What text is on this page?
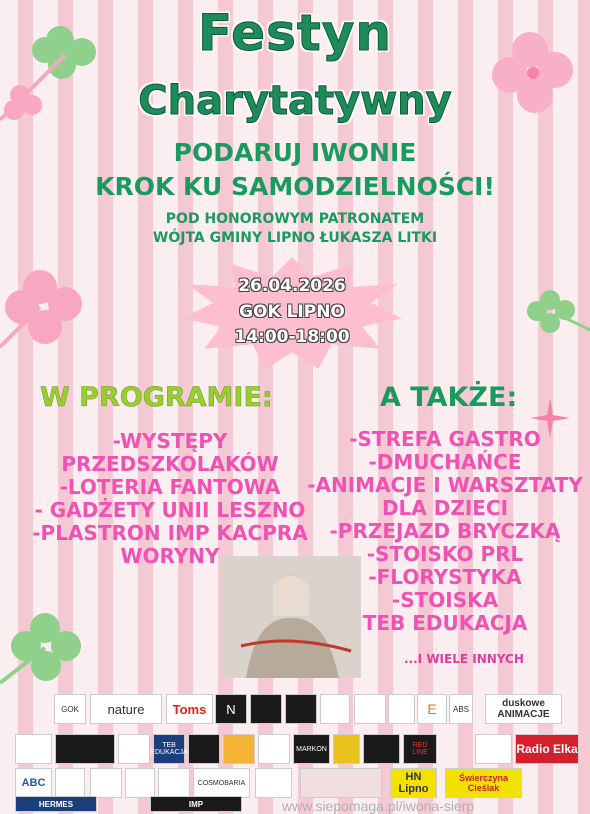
Festyn
Charytatywny
PODARUJ IWONIE
KROK KU SAMODZIELNOŚCI!
POD HONOROWYM PATRONATEM
WÓJTA GMINY LIPNO ŁUKASZA LITKI
26.04.2026
GOK LIPNO
14:00-18:00
W PROGRAMIE:	A TAKŻE:

-WYSTĘPY

PRZEDSZKOLAKÓW

-LOTERIA FANTOWA

- GADŻETY UNII LESZNO

-PLASTRON IMP KACPRA

WORYNY

-STREFA GASTRO

-DMUCHAŃCE

-ANIMACJE I WARSZTATY

DLA DZIECI

-PRZEJAZD BRYCZKĄ

-STOISKO PRL

-FLORYSTYKA

-STOISKA

TEB EDUKACJA

...I WIELE INNYCH
GOK	nature	Toms	N	E	ABS	duskowe ANIMACJE
TEB EDUKACJA	MARKON	RED LINE	Radio Elka
ABC	COSMOBARIA	HN Lipno
Świerczyna Cieślak
HERMES	IMP	www.siepomaga.pl/iwona-sierp
